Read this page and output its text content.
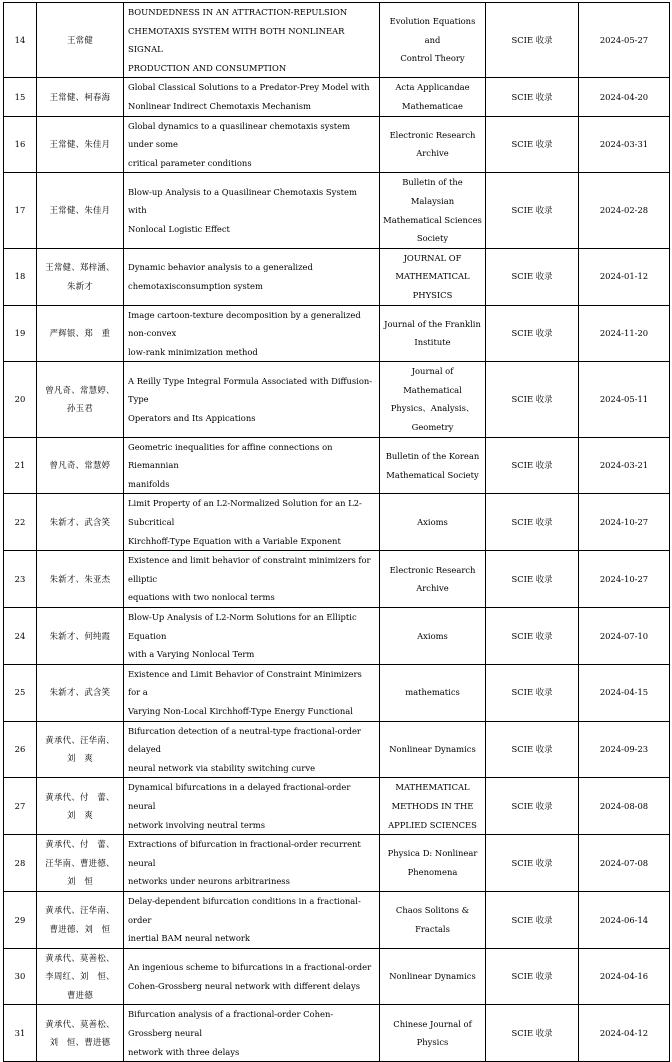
14	王常健	BOUNDEDNESS IN AN ATTRACTION-REPULSION
CHEMOTAXIS SYSTEM WITH BOTH NONLINEAR SIGNAL
PRODUCTION AND CONSUMPTION	Evolution Equations and
Control Theory	SCIE 收录	2024-05-27
15	王常健、柯春海	Global Classical Solutions to a Predator-Prey Model with
Nonlinear Indirect Chemotaxis Mechanism	Acta Applicandae
Mathematicae	SCIE 收录	2024-04-20
16	王常健、朱佳月	Global dynamics to a quasilinear chemotaxis system under some
critical parameter conditions	Electronic Research
Archive	SCIE 收录	2024-03-31
17	王常健、朱佳月	Blow-up Analysis to a Quasilinear Chemotaxis System with
Nonlocal Logistic Effect	Bulletin of the Malaysian
Mathematical Sciences
Society	SCIE 收录	2024-02-28
18	王常健、郑梓涵、
朱新才	Dynamic behavior analysis to a generalized
chemotaxisconsumption system	JOURNAL OF
MATHEMATICAL
PHYSICS	SCIE 收录	2024-01-12
19	严辉银、郑　重	Image cartoon-texture decomposition by a generalized non-convex
low-rank minimization method	Journal of the Franklin
Institute	SCIE 收录	2024-11-20
20	曾凡奇、常慧婷、
孙玉君	A Reilly Type Integral Formula Associated with Diffusion-Type
Operators and Its Appications	Journal of Mathematical
Physics、Analysis、
Geometry	SCIE 收录	2024-05-11
21	曾凡奇、常慧婷	Geometric inequalities for affine connections on Riemannian
manifolds	Bulletin of the Korean
Mathematical Society	SCIE 收录	2024-03-21
22	朱新才、武含笑	Limit Property of an L2-Normalized Solution for an L2-Subcritical
Kirchhoff-Type Equation with a Variable Exponent	Axioms	SCIE 收录	2024-10-27
23	朱新才、朱亚杰	Existence and limit behavior of constraint minimizers for elliptic
equations with two nonlocal terms	Electronic Research
Archive	SCIE 收录	2024-10-27
24	朱新才、何纯霞	Blow-Up Analysis of L2-Norm Solutions for an Elliptic Equation
with a Varying Nonlocal Term	Axioms	SCIE 收录	2024-07-10
25	朱新才、武含笑	Existence and Limit Behavior of Constraint Minimizers for a
Varying Non-Local Kirchhoff-Type Energy Functional	mathematics	SCIE 收录	2024-04-15
26	黄承代、汪华南、
刘　爽	Bifurcation detection of a neutral-type fractional-order delayed
neural network via stability switching curve	Nonlinear Dynamics	SCIE 收录	2024-09-23
27	黄承代、付　蕾、
刘　爽	Dynamical bifurcations in a delayed fractional-order neural
network involving neutral terms	MATHEMATICAL
METHODS IN THE
APPLIED SCIENCES	SCIE 收录	2024-08-08
28	黄承代、付　蕾、
汪华南、曹进德、
刘　恒	Extractions of bifurcation in fractional-order recurrent neural
networks under neurons arbitrariness	Physica D: Nonlinear
Phenomena	SCIE 收录	2024-07-08
29	黄承代、汪华南、
曹进德、刘　恒	Delay-dependent bifurcation conditions in a fractional-order
inertial BAM neural network	Chaos Solitons & Fractals	SCIE 收录	2024-06-14
30	黄承代、莫善松、
李周红、刘　恒、
曹进德	An ingenious scheme to bifurcations in a fractional-order
Cohen-Grossberg neural network with different delays	Nonlinear Dynamics	SCIE 收录	2024-04-16
31	黄承代、莫善松、
刘　恒、曹进德	Bifurcation analysis of a fractional-order Cohen-Grossberg neural
network with three delays	Chinese Journal of
Physics	SCIE 收录	2024-04-12
